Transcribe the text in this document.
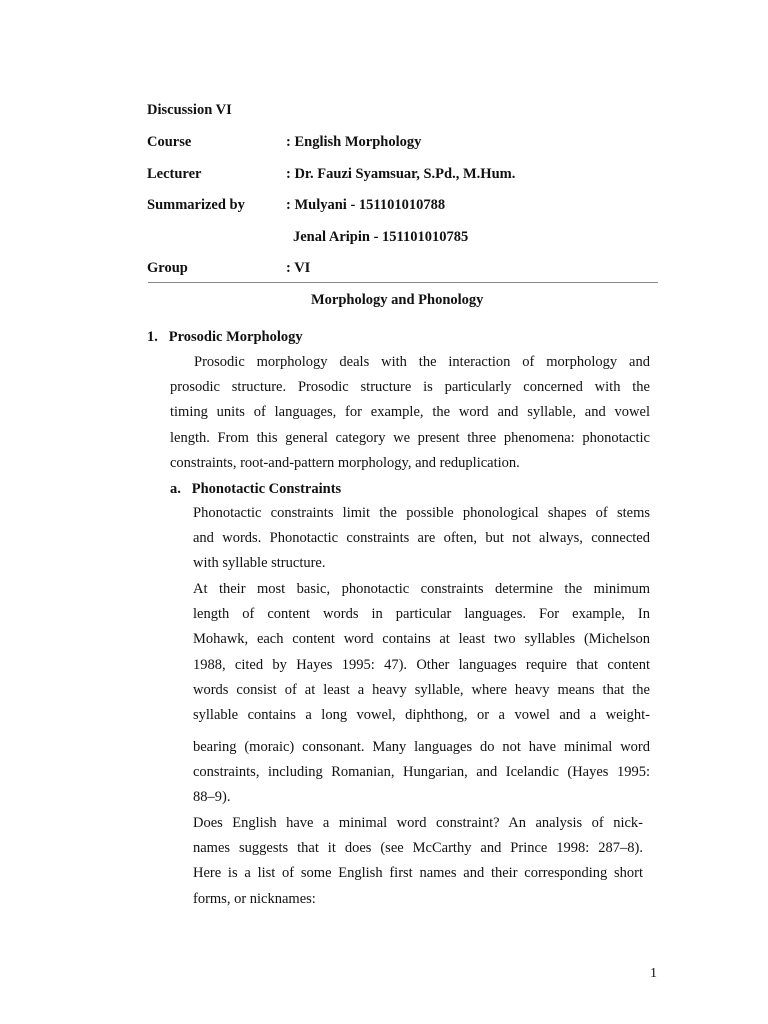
Discussion VI
Course	: English Morphology
Lecturer	: Dr. Fauzi Syamsuar, S.Pd., M.Hum.
Summarized by	: Mulyani - 151101010788
Jenal Aripin - 151101010785
Group	: VI
Morphology and Phonology
1.   Prosodic Morphology
Prosodic morphology deals with the interaction of morphology and
prosodic structure. Prosodic structure is particularly concerned with the
timing units of languages, for example, the word and syllable, and vowel
length. From this general category we present three phenomena: phonotactic
constraints, root-and-pattern morphology, and reduplication.
a.   Phonotactic Constraints
Phonotactic constraints limit the possible phonological shapes of stems
and words. Phonotactic constraints are often, but not always, connected
with syllable structure.
At their most basic, phonotactic constraints determine the minimum
length of content words in particular languages. For example, In
Mohawk, each content word contains at least two syllables (Michelson
1988, cited by Hayes 1995: 47). Other languages require that content
words consist of at least a heavy syllable, where heavy means that the
syllable contains a long vowel, diphthong, or a vowel and a weight-
bearing (moraic) consonant. Many languages do not have minimal word
constraints, including Romanian, Hungarian, and Icelandic (Hayes 1995:
88–9).
Does English have a minimal word constraint? An analysis of nick-
names suggests that it does (see McCarthy and Prince 1998: 287–8).
Here is a list of some English first names and their corresponding short
forms, or nicknames:
1
